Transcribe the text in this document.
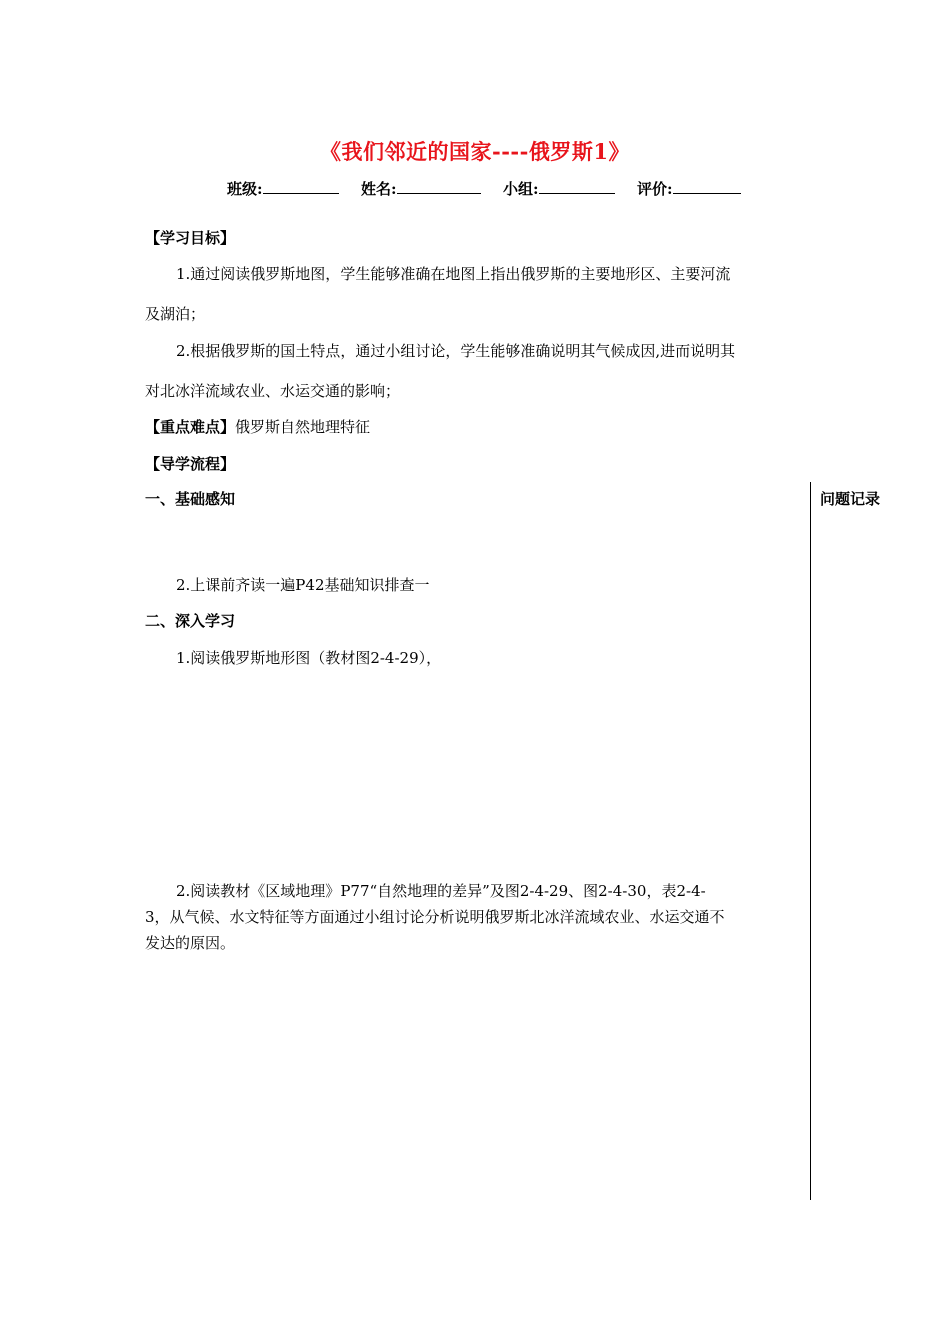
《我们邻近的国家----俄罗斯1》
班级:	姓名:	小组:	评价:
【学习目标】
1.通过阅读俄罗斯地图，学生能够准确在地图上指出俄罗斯的主要地形区、主要河流
及湖泊；
2.根据俄罗斯的国土特点，通过小组讨论，学生能够准确说明其气候成因,进而说明其
对北冰洋流域农业、水运交通的影响；
【重点难点】俄罗斯自然地理特征
【导学流程】
问题记录
一、基础感知
2.上课前齐读一遍P42基础知识排查一
二、深入学习
1.阅读俄罗斯地形图（教材图2-4-29），
2.阅读教材《区域地理》P77“自然地理的差异”及图2-4-29、图2-4-30，表2-4-
3，从气候、水文特征等方面通过小组讨论分析说明俄罗斯北冰洋流域农业、水运交通不
发达的原因。
